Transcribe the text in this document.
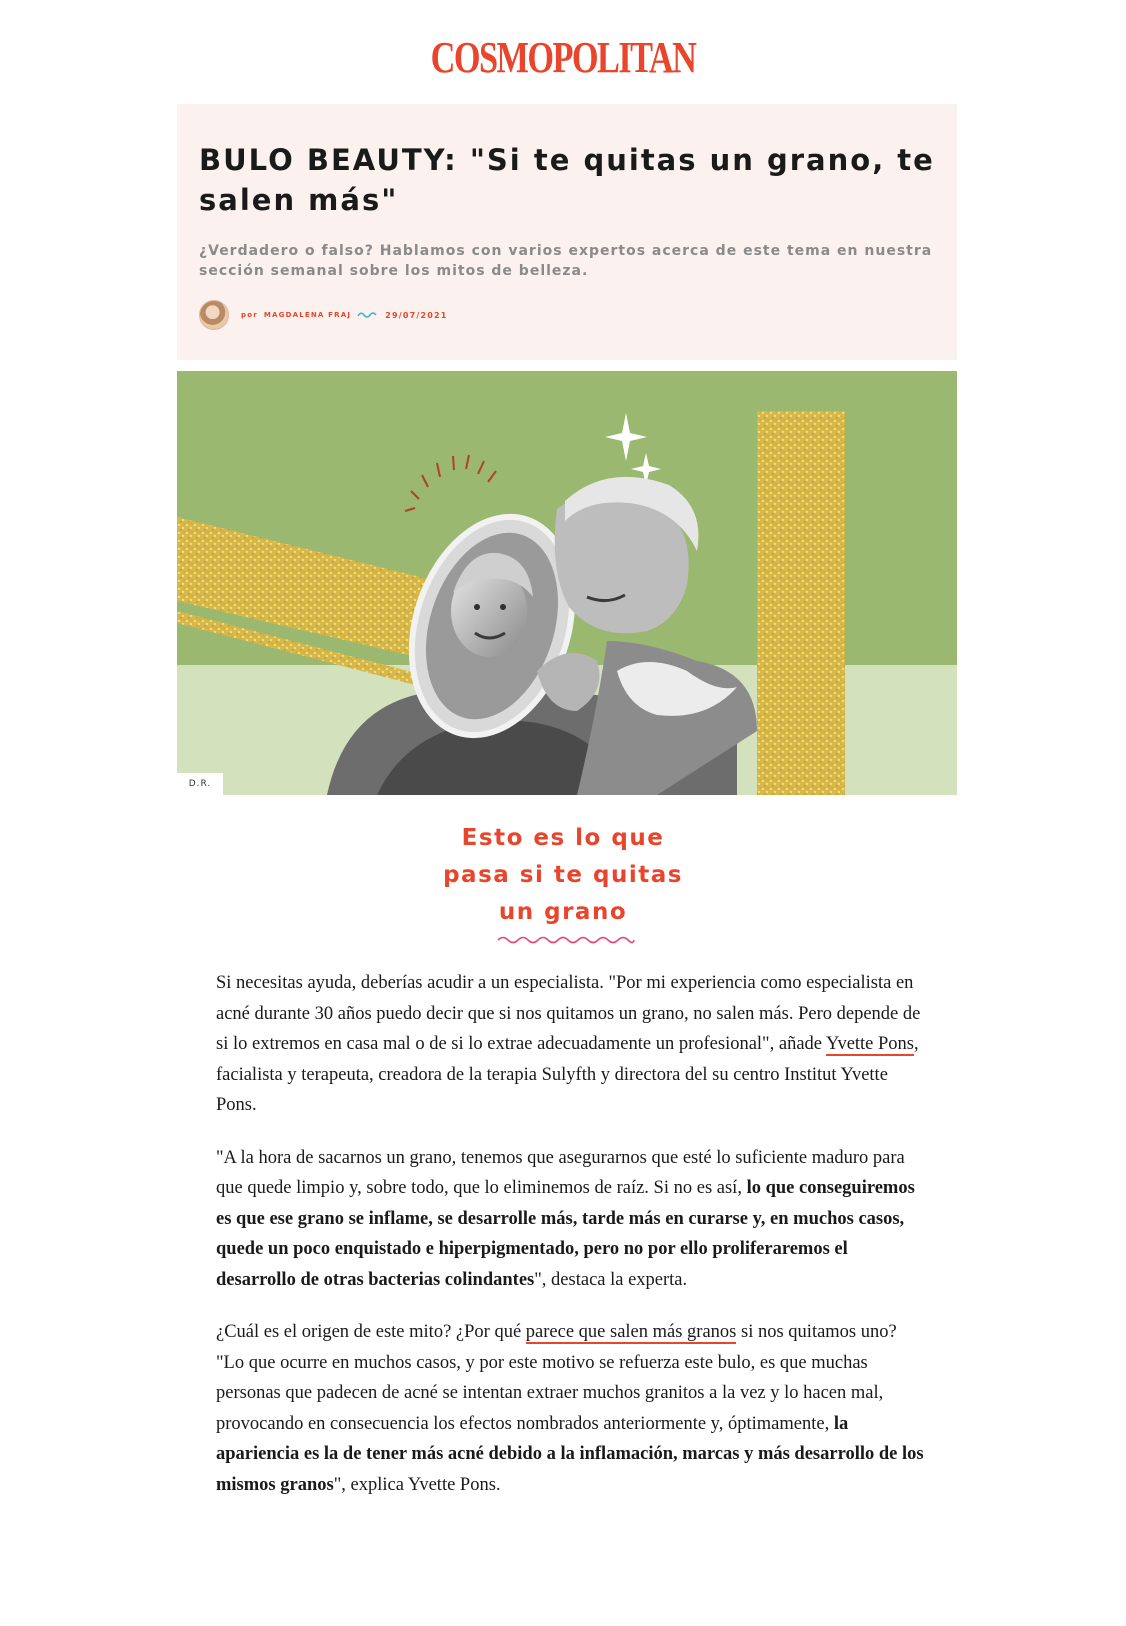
COSMOPOLITAN
BULO BEAUTY: "Si te quitas un grano, te salen más"

¿Verdadero o falso? Hablamos con varios expertos acerca de este tema en nuestra sección semanal sobre los mitos de belleza.

por MAGDALENA FRAJ	29/07/2021
D.R.
Esto es lo que
pasa si te quitas
un grano

Si necesitas ayuda, deberías acudir a un especialista. "Por mi experiencia como especialista en acné durante 30 años puedo decir que si nos quitamos un grano, no salen más. Pero depende de si lo extremos en casa mal o de si lo extrae adecuadamente un profesional", añade Yvette Pons, facialista y terapeuta, creadora de la terapia Sulyfth y directora del su centro Institut Yvette Pons.

"A la hora de sacarnos un grano, tenemos que asegurarnos que esté lo suficiente maduro para que quede limpio y, sobre todo, que lo eliminemos de raíz. Si no es así, lo que conseguiremos es que ese grano se inflame, se desarrolle más, tarde más en curarse y, en muchos casos, quede un poco enquistado e hiperpigmentado, pero no por ello proliferaremos el desarrollo de otras bacterias colindantes", destaca la experta.

¿Cuál es el origen de este mito? ¿Por qué parece que salen más granos si nos quitamos uno? "Lo que ocurre en muchos casos, y por este motivo se refuerza este bulo, es que muchas personas que padecen de acné se intentan extraer muchos granitos a la vez y lo hacen mal, provocando en consecuencia los efectos nombrados anteriormente y, óptimamente, la apariencia es la de tener más acné debido a la inflamación, marcas y más desarrollo de los mismos granos", explica Yvette Pons.
